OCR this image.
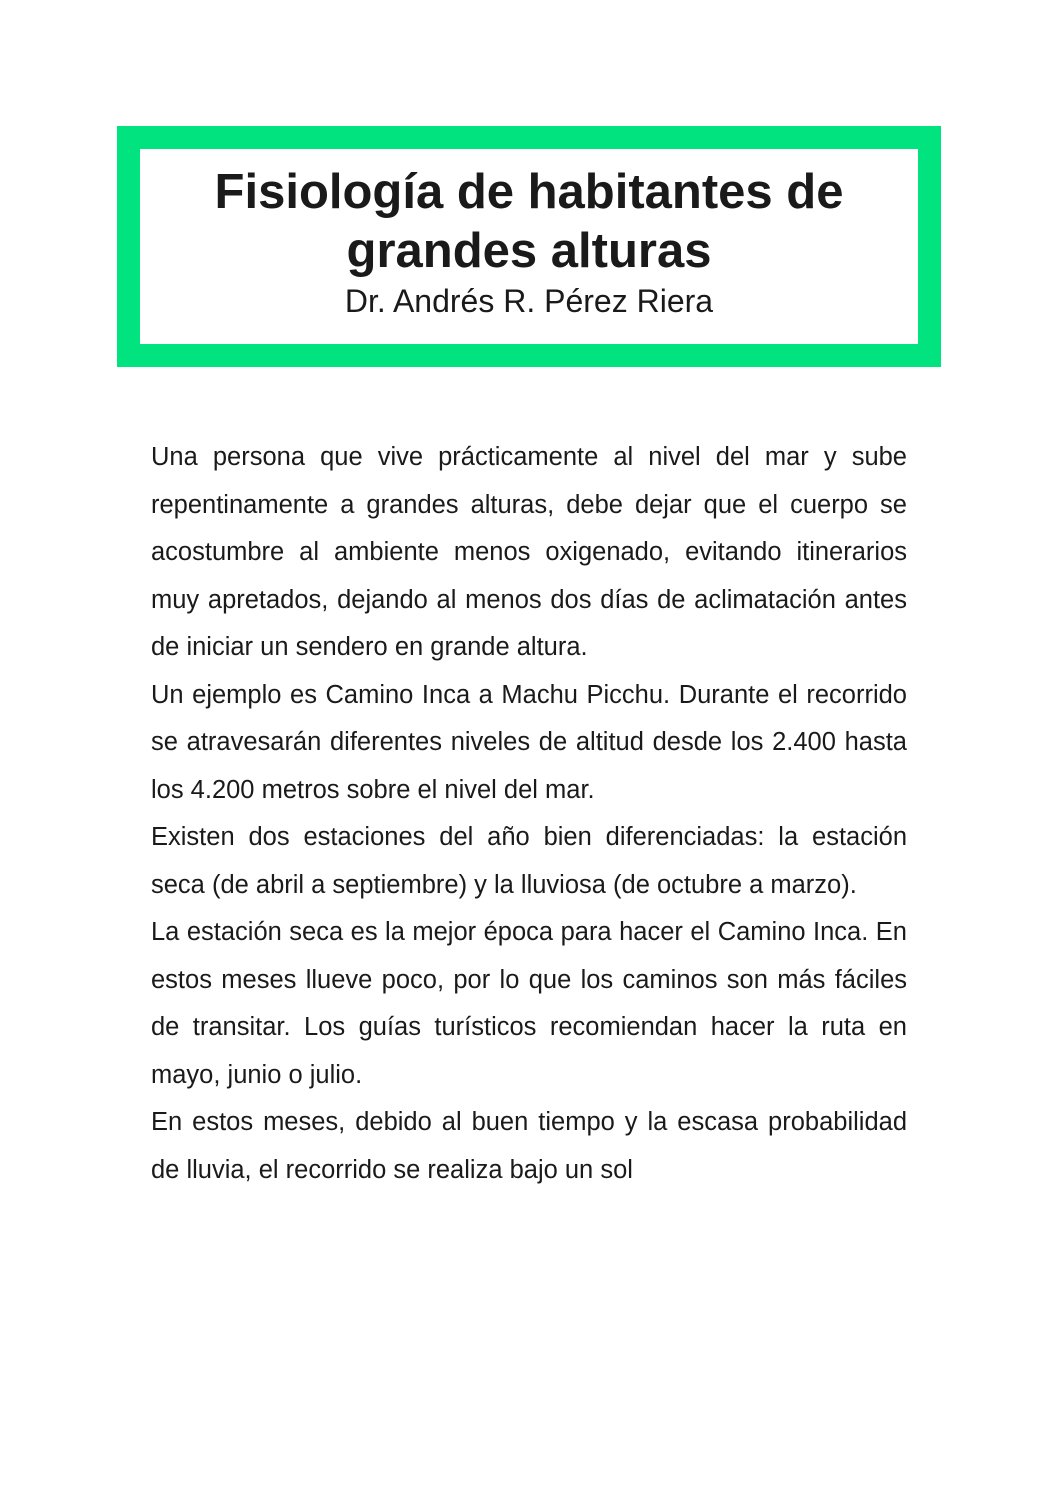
Fisiología de habitantes de grandes alturas

Dr. Andrés R. Pérez Riera

Una persona que vive prácticamente al nivel del mar y sube repentinamente a grandes alturas, debe dejar que el cuerpo se acostumbre al ambiente menos oxigenado, evitando itinerarios muy apretados, dejando al menos dos días de aclimatación antes de iniciar un sendero en grande altura.

Un ejemplo es Camino Inca a Machu Picchu. Durante el recorrido se atravesarán diferentes niveles de altitud desde los 2.400 hasta los 4.200 metros sobre el nivel del mar.

Existen dos estaciones del año bien diferenciadas: la estación seca (de abril a septiembre) y la lluviosa (de octubre a marzo).

La estación seca es la mejor época para hacer el Camino Inca. En estos meses llueve poco, por lo que los caminos son más fáciles de transitar. Los guías turísticos recomiendan hacer la ruta en mayo, junio o julio.

En estos meses, debido al buen tiempo y la escasa probabilidad de lluvia, el recorrido se realiza bajo un sol
